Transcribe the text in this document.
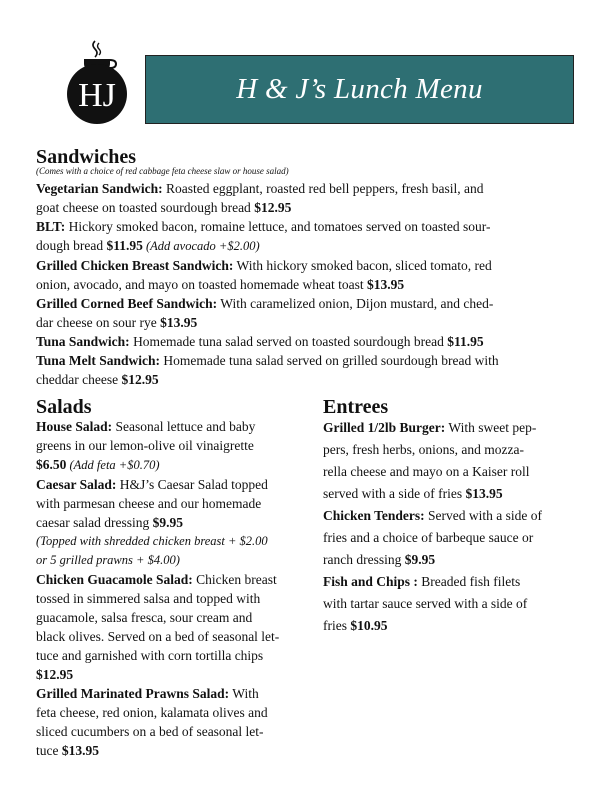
HJ	H & J’s Lunch Menu
Sandwiches

(Comes with a choice of red cabbage feta cheese slaw or house salad)

Vegetarian Sandwich: Roasted eggplant, roasted red bell peppers, fresh basil, and
goat cheese on toasted sourdough bread $12.95

BLT: Hickory smoked bacon, romaine lettuce, and tomatoes served on toasted sour-
dough bread $11.95 (Add avocado +$2.00)

Grilled Chicken Breast Sandwich: With hickory smoked bacon, sliced tomato, red
onion, avocado, and mayo on toasted homemade wheat toast $13.95

Grilled Corned Beef Sandwich: With caramelized onion, Dijon mustard, and ched-
dar cheese on sour rye $13.95

Tuna Sandwich: Homemade tuna salad served on toasted sourdough bread $11.95

Tuna Melt Sandwich: Homemade tuna salad served on grilled sourdough bread with
cheddar cheese $12.95

Salads

House Salad: Seasonal lettuce and baby
greens in our lemon-olive oil vinaigrette
$6.50 (Add feta +$0.70)

Caesar Salad: H&J’s Caesar Salad topped
with parmesan cheese and our homemade
caesar salad dressing $9.95

(Topped with shredded chicken breast + $2.00

or 5 grilled prawns + $4.00)

Chicken Guacamole Salad: Chicken breast
tossed in simmered salsa and topped with
guacamole, salsa fresca, sour cream and
black olives. Served on a bed of seasonal let-
tuce and garnished with corn tortilla chips
$12.95

Grilled Marinated Prawns Salad: With
feta cheese, red onion, kalamata olives and
sliced cucumbers on a bed of seasonal let-
tuce $13.95

Entrees

Grilled 1/2lb Burger: With sweet pep-
pers, fresh herbs, onions, and mozza-
rella cheese and mayo on a Kaiser roll
served with a side of fries $13.95

Chicken Tenders: Served with a side of
fries and a choice of barbeque sauce or
ranch dressing $9.95

Fish and Chips : Breaded fish filets
with tartar sauce served with a side of
fries $10.95
